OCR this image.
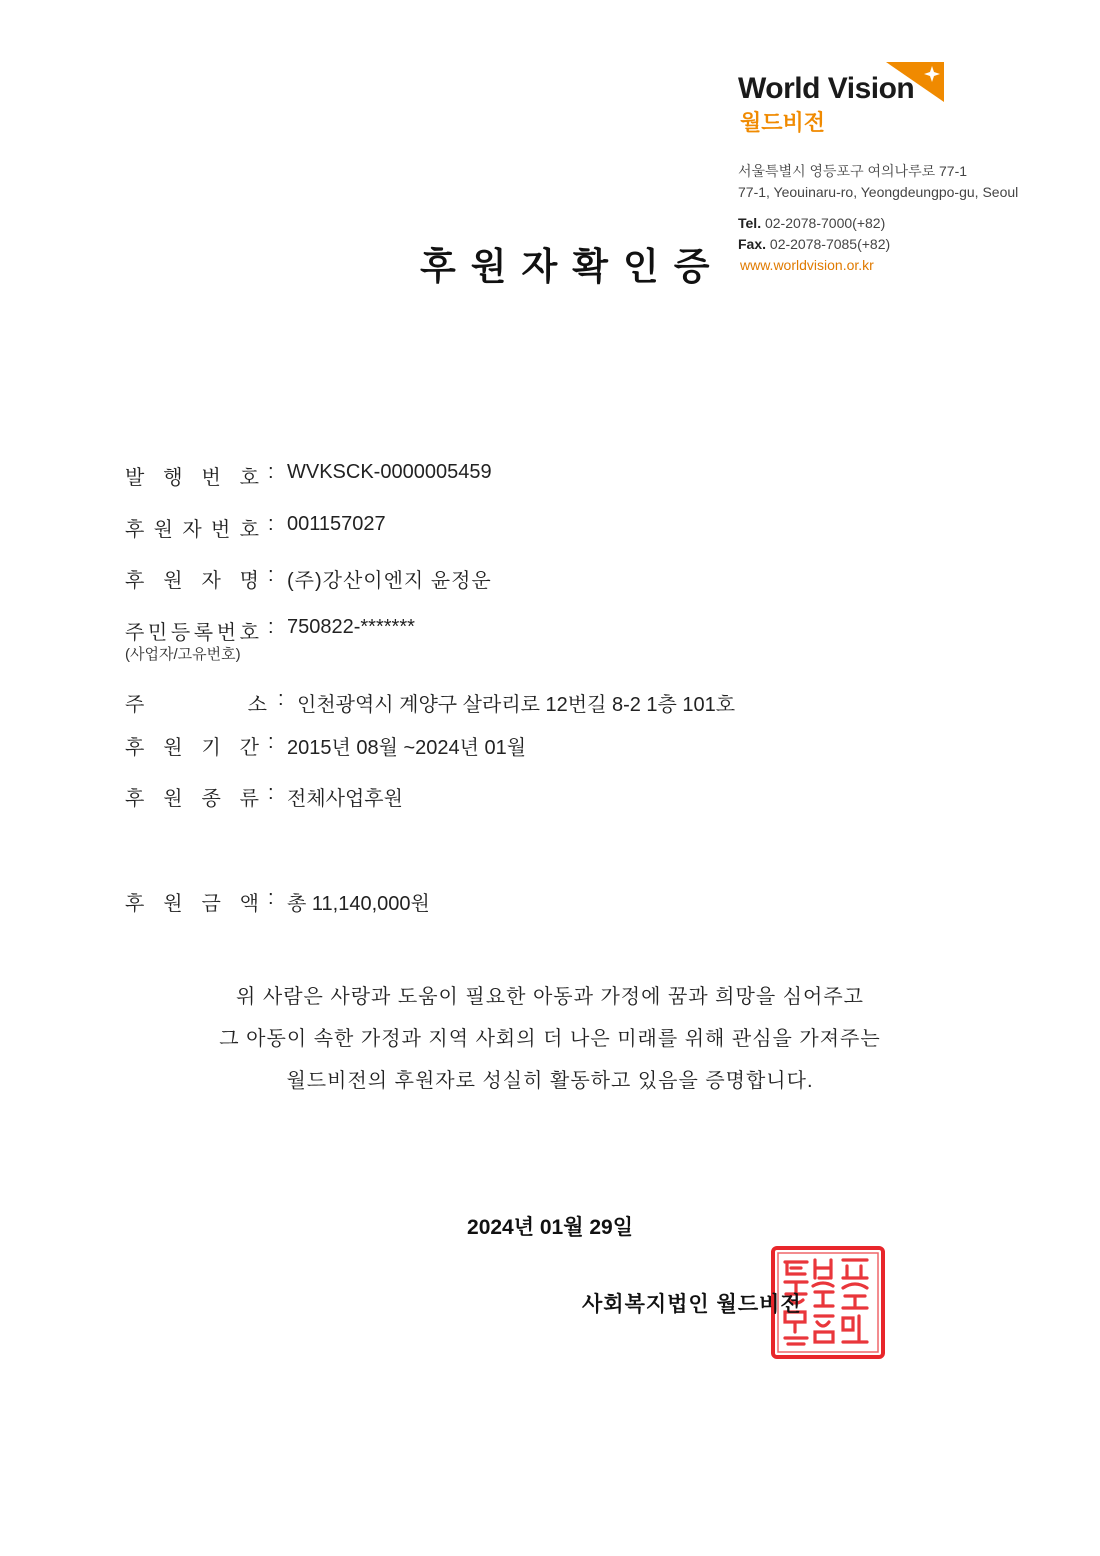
World Vision
월드비전
서울특별시 영등포구 여의나루로 77-1
77-1, Yeouinaru-ro, Yeongdeungpo-gu, Seoul
Tel. 02-2078-7000(+82)
Fax. 02-2078-7085(+82)
www.worldvision.or.kr
후원자확인증
발 행 번 호 : WVKSCK-0000005459
후 원 자 번 호 : 001157027
후 원 자 명 : (주)강산이엔지 윤정운
주 민 등 록 번 호
(사업자/고유번호)
: 750822-*******
주	소 : 인천광역시 계양구 살라리로 12번길 8-2 1층 101호
후 원 기 간 : 2015년 08월 ~2024년 01월
후 원 종 류 : 전체사업후원
후 원 금 액 : 총 11,140,000원
위 사람은 사랑과 도움이 필요한 아동과 가정에 꿈과 희망을 심어주고
그 아동이 속한 가정과 지역 사회의 더 나은 미래를 위해 관심을 가져주는
월드비전의 후원자로 성실히 활동하고 있음을 증명합니다.
2024년 01월 29일
사회복지법인 월드비전
